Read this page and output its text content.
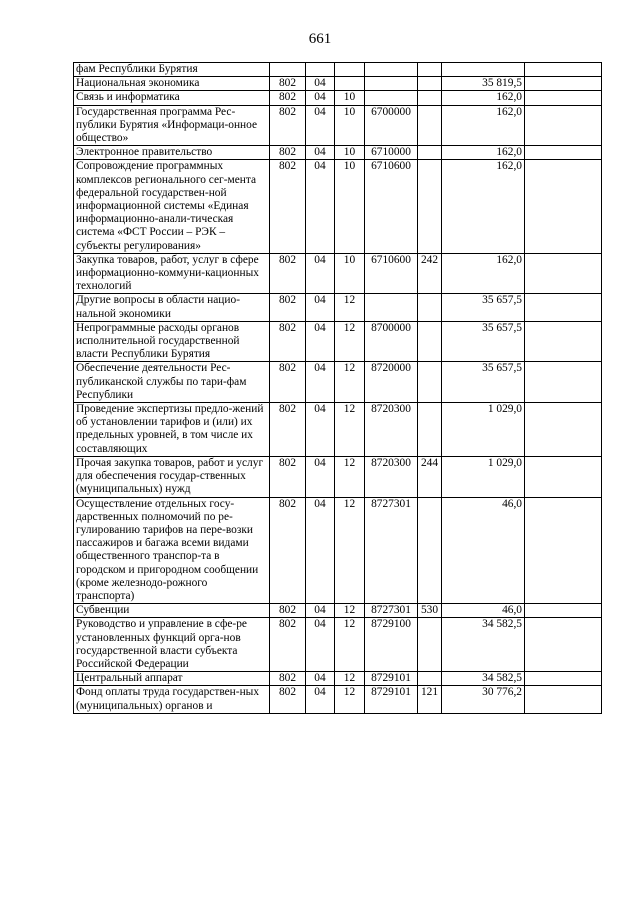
661
фам Республики Бурятия							
Национальная экономика	802	04				35 819,5	
Связь и информатика	802	04	10			162,0	
Государственная программа Рес-публики Бурятия «Информаци-онное общество»	802	04	10	6700000		162,0	
Электронное правительство	802	04	10	6710000		162,0	
Сопровождение программных комплексов регионального сег-мента федеральной государствен-ной информационной системы «Единая информационно-анали-тическая система «ФСТ России – РЭК – субъекты регулирования»	802	04	10	6710600		162,0	
Закупка товаров, работ, услуг в сфере информационно-коммуни-кационных технологий	802	04	10	6710600	242	162,0	
Другие вопросы в области нацио-нальной экономики	802	04	12			35 657,5	
Непрограммные расходы органов исполнительной государственной власти Республики Бурятия	802	04	12	8700000		35 657,5	
Обеспечение деятельности Рес-публиканской службы по тари-фам Республики	802	04	12	8720000		35 657,5	
Проведение экспертизы предло-жений об установлении тарифов и (или) их предельных уровней, в том числе их составляющих	802	04	12	8720300		1 029,0	
Прочая закупка товаров, работ и услуг для обеспечения государ-ственных (муниципальных) нужд	802	04	12	8720300	244	1 029,0	
Осуществление отдельных госу-дарственных полномочий по ре-гулированию тарифов на пере-возки пассажиров и багажа всеми видами общественного транспор-та в городском и пригородном сообщении (кроме железнодо-рожного транспорта)	802	04	12	8727301		46,0	
Субвенции	802	04	12	8727301	530	46,0	
Руководство и управление в сфе-ре установленных функций орга-нов государственной власти субъекта Российской Федерации	802	04	12	8729100		34 582,5	
Центральный аппарат	802	04	12	8729101		34 582,5	
Фонд оплаты труда государствен-ных (муниципальных) органов и	802	04	12	8729101	121	30 776,2	
